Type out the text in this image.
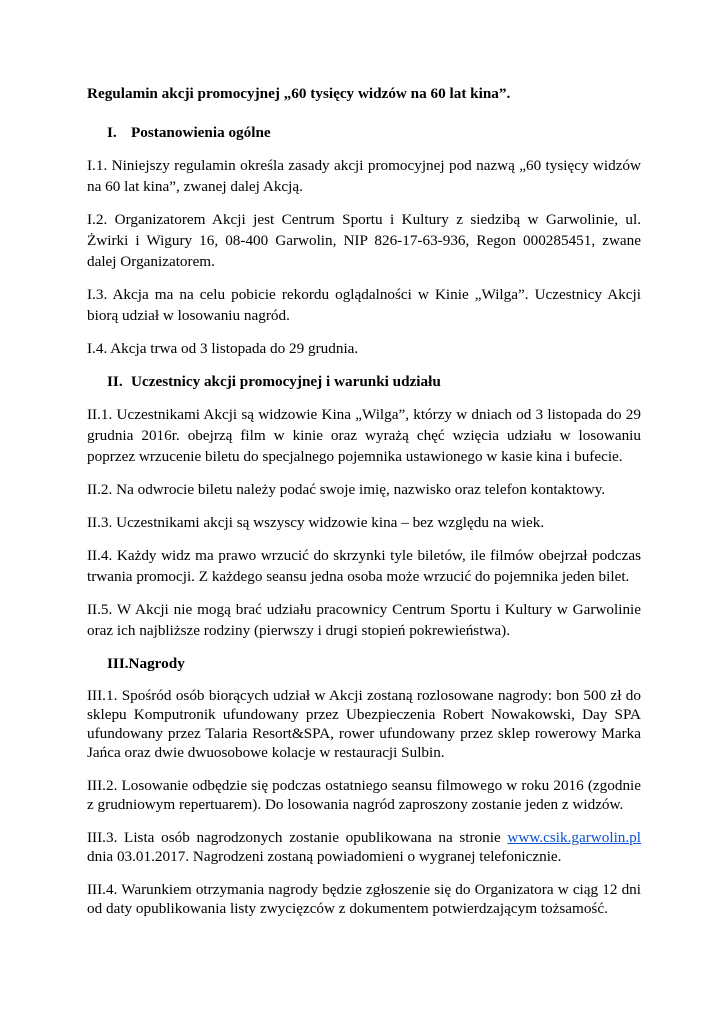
Regulamin akcji promocyjnej „60 tysięcy widzów na 60 lat kina”.

I. Postanowienia ogólne

I.1. Niniejszy regulamin określa zasady akcji promocyjnej pod nazwą „60 tysięcy widzów na 60 lat kina”, zwanej dalej Akcją.

I.2. Organizatorem Akcji jest Centrum Sportu i Kultury z siedzibą w Garwolinie, ul. Żwirki i Wigury 16, 08-400 Garwolin, NIP 826-17-63-936, Regon 000285451, zwane dalej Organizatorem.

I.3. Akcja ma na celu pobicie rekordu oglądalności w Kinie „Wilga”. Uczestnicy Akcji biorą udział w losowaniu nagród.

I.4. Akcja trwa od 3 listopada do 29 grudnia.

II. Uczestnicy akcji promocyjnej i warunki udziału

II.1. Uczestnikami Akcji są widzowie Kina „Wilga”, którzy w dniach od 3 listopada do 29 grudnia 2016r. obejrzą film w kinie oraz wyrażą chęć wzięcia udziału w losowaniu poprzez wrzucenie biletu do specjalnego pojemnika ustawionego w kasie kina i bufecie.

II.2. Na odwrocie biletu należy podać swoje imię, nazwisko oraz telefon kontaktowy.

II.3. Uczestnikami akcji są wszyscy widzowie kina – bez względu na wiek.

II.4. Każdy widz ma prawo wrzucić do skrzynki tyle biletów, ile filmów obejrzał podczas trwania promocji. Z każdego seansu jedna osoba może wrzucić do pojemnika jeden bilet.

II.5. W Akcji nie mogą brać udziału pracownicy Centrum Sportu i Kultury w Garwolinie oraz ich najbliższe rodziny (pierwszy i drugi stopień pokrewieństwa).

III. Nagrody

III.1. Spośród osób biorących udział w Akcji zostaną rozlosowane nagrody: bon 500 zł do sklepu Komputronik ufundowany przez Ubezpieczenia Robert Nowakowski, Day SPA ufundowany przez Talaria Resort&SPA, rower ufundowany przez sklep rowerowy Marka Jańca oraz dwie dwuosobowe kolacje w restauracji Sulbin.

III.2. Losowanie odbędzie się podczas ostatniego seansu filmowego w roku 2016 (zgodnie z grudniowym repertuarem). Do losowania nagród zaproszony zostanie jeden z widzów.

III.3. Lista osób nagrodzonych zostanie opublikowana na stronie www.csik.garwolin.pl dnia 03.01.2017. Nagrodzeni zostaną powiadomieni o wygranej telefonicznie.

III.4. Warunkiem otrzymania nagrody będzie zgłoszenie się do Organizatora w ciąg 12 dni od daty opublikowania listy zwycięzców z dokumentem potwierdzającym tożsamość.
